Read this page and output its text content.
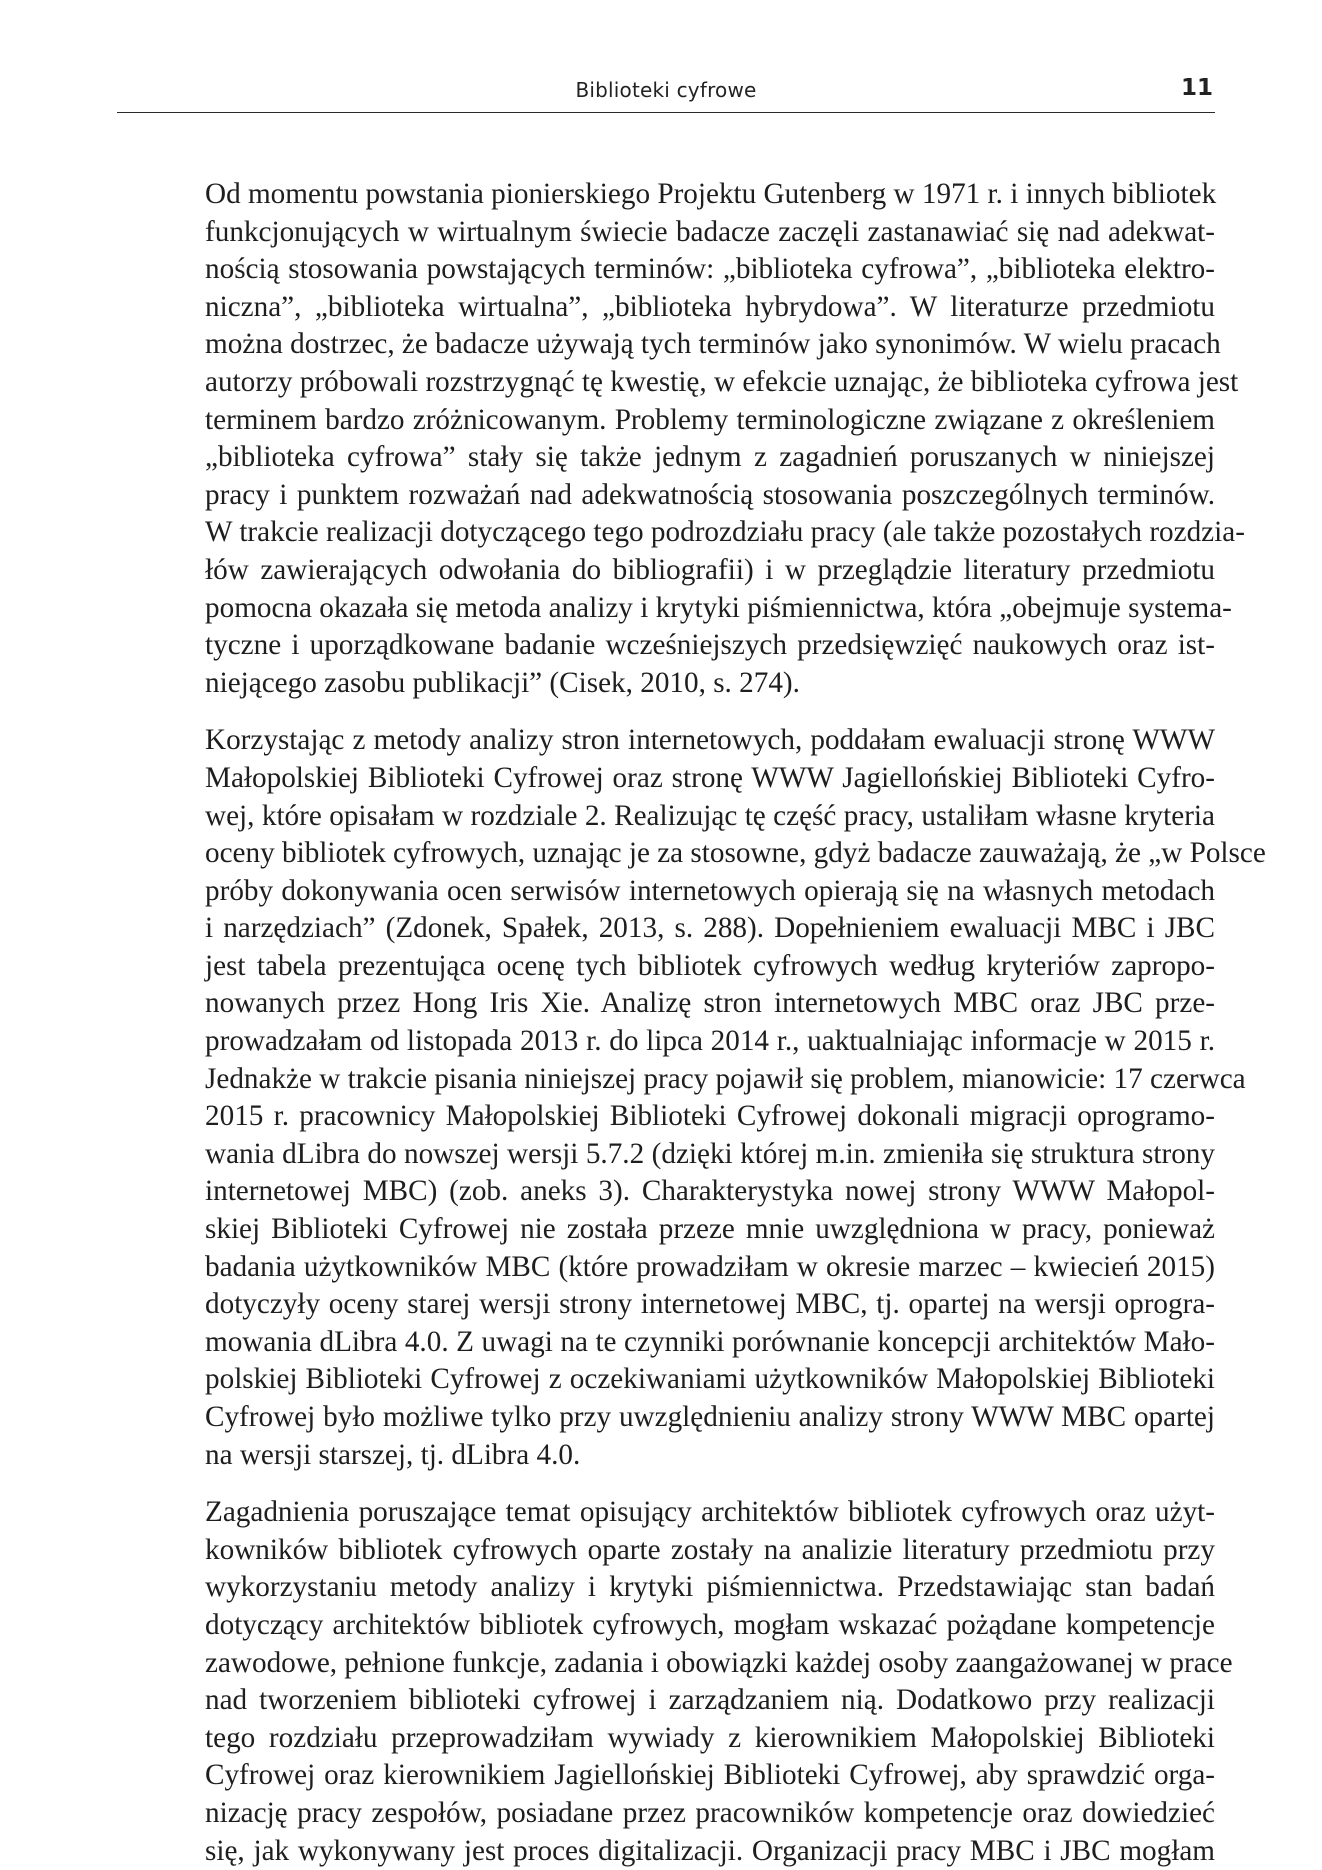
Biblioteki cyfrowe	11
Od momentu powstania pionierskiego Projektu Gutenberg w 1971 r. i innych bibliotek
funkcjonujących w wirtualnym świecie badacze zaczęli zastanawiać się nad adekwat-
nością stosowania powstających terminów: „biblioteka cyfrowa”, „biblioteka elektro-
niczna”, „biblioteka wirtualna”, „biblioteka hybrydowa”. W literaturze przedmiotu
można dostrzec, że badacze używają tych terminów jako synonimów. W wielu pracach
autorzy próbowali rozstrzygnąć tę kwestię, w efekcie uznając, że biblioteka cyfrowa jest
terminem bardzo zróżnicowanym. Problemy terminologiczne związane z określeniem
„biblioteka cyfrowa” stały się także jednym z zagadnień poruszanych w niniejszej
pracy i punktem rozważań nad adekwatnością stosowania poszczególnych terminów.
W trakcie realizacji dotyczącego tego podrozdziału pracy (ale także pozostałych rozdzia-
łów zawierających odwołania do bibliografii) i w przeglądzie literatury przedmiotu
pomocna okazała się metoda analizy i krytyki piśmiennictwa, która „obejmuje systema-
tyczne i uporządkowane badanie wcześniejszych przedsięwzięć naukowych oraz ist-
niejącego zasobu publikacji” (Cisek, 2010, s. 274).
Korzystając z metody analizy stron internetowych, poddałam ewaluacji stronę WWW
Małopolskiej Biblioteki Cyfrowej oraz stronę WWW Jagiellońskiej Biblioteki Cyfro-
wej, które opisałam w rozdziale 2. Realizując tę część pracy, ustaliłam własne kryteria
oceny bibliotek cyfrowych, uznając je za stosowne, gdyż badacze zauważają, że „w Polsce
próby dokonywania ocen serwisów internetowych opierają się na własnych metodach
i narzędziach” (Zdonek, Spałek, 2013, s. 288). Dopełnieniem ewaluacji MBC i JBC
jest tabela prezentująca ocenę tych bibliotek cyfrowych według kryteriów zapropo-
nowanych przez Hong Iris Xie. Analizę stron internetowych MBC oraz JBC prze-
prowadzałam od listopada 2013 r. do lipca 2014 r., uaktualniając informacje w 2015 r.
Jednakże w trakcie pisania niniejszej pracy pojawił się problem, mianowicie: 17 czerwca
2015 r. pracownicy Małopolskiej Biblioteki Cyfrowej dokonali migracji oprogramo-
wania dLibra do nowszej wersji 5.7.2 (dzięki której m.in. zmieniła się struktura strony
internetowej MBC) (zob. aneks 3). Charakterystyka nowej strony WWW Małopol-
skiej Biblioteki Cyfrowej nie została przeze mnie uwzględniona w pracy, ponieważ
badania użytkowników MBC (które prowadziłam w okresie marzec – kwiecień 2015)
dotyczyły oceny starej wersji strony internetowej MBC, tj. opartej na wersji oprogra-
mowania dLibra 4.0. Z uwagi na te czynniki porównanie koncepcji architektów Mało-
polskiej Biblioteki Cyfrowej z oczekiwaniami użytkowników Małopolskiej Biblioteki
Cyfrowej było możliwe tylko przy uwzględnieniu analizy strony WWW MBC opartej
na wersji starszej, tj. dLibra 4.0.
Zagadnienia poruszające temat opisujący architektów bibliotek cyfrowych oraz użyt-
kowników bibliotek cyfrowych oparte zostały na analizie literatury przedmiotu przy
wykorzystaniu metody analizy i krytyki piśmiennictwa. Przedstawiając stan badań
dotyczący architektów bibliotek cyfrowych, mogłam wskazać pożądane kompetencje
zawodowe, pełnione funkcje, zadania i obowiązki każdej osoby zaangażowanej w prace
nad tworzeniem biblioteki cyfrowej i zarządzaniem nią. Dodatkowo przy realizacji
tego rozdziału przeprowadziłam wywiady z kierownikiem Małopolskiej Biblioteki
Cyfrowej oraz kierownikiem Jagiellońskiej Biblioteki Cyfrowej, aby sprawdzić orga-
nizację pracy zespołów, posiadane przez pracowników kompetencje oraz dowiedzieć
się, jak wykonywany jest proces digitalizacji. Organizacji pracy MBC i JBC mogłam
